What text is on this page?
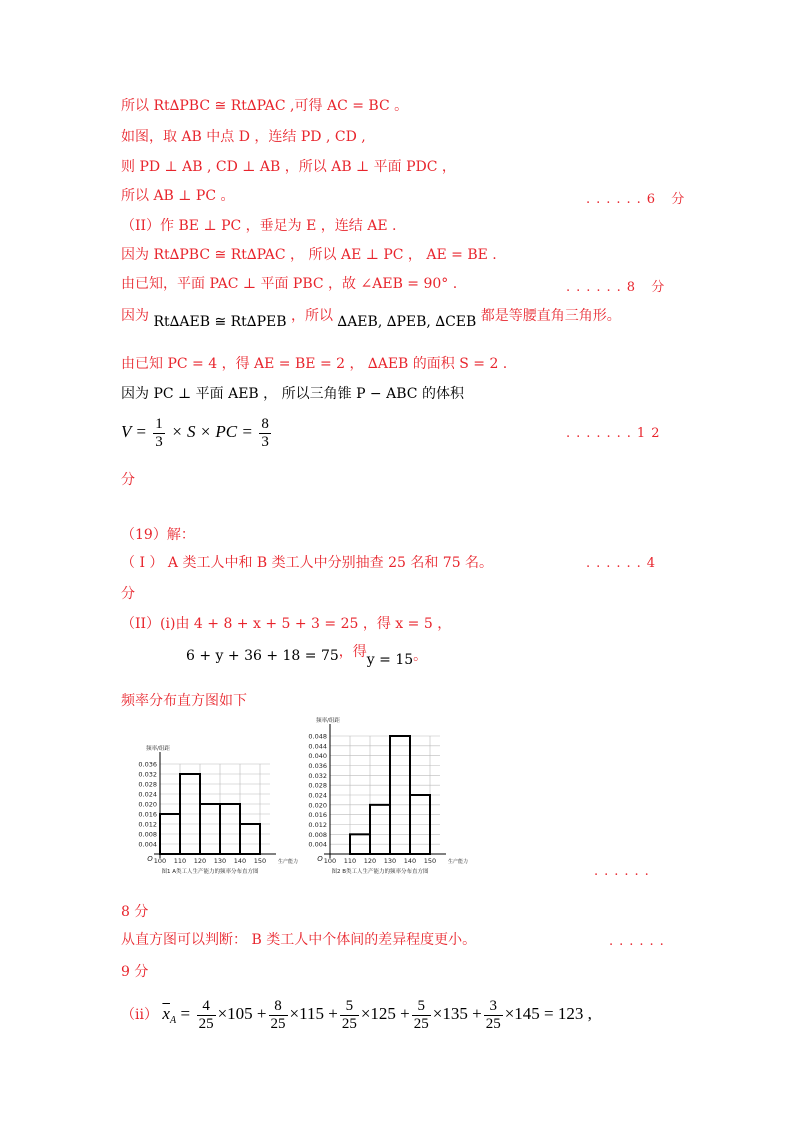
所以 Rt∆PBC ≅ Rt∆PAC ,可得 AC = BC 。
如图，取 AB 中点 D ，连结 PD , CD ,
则 PD ⊥ AB , CD ⊥ AB ，所以 AB ⊥ 平面 PDC ，
所以 AB ⊥ PC 。	......6 分
（II）作 BE ⊥ PC ，垂足为 E ，连结 AE .
因为 Rt∆PBC ≅ Rt∆PAC ， 所以 AE ⊥ PC ， AE = BE .
由已知，平面 PAC ⊥ 平面 PBC ，故 ∠AEB = 90° .	......8 分
因为 Rt∆AEB ≅ Rt∆PEB ，所以 ∆AEB, ∆PEB, ∆CEB 都是等腰直角三角形。
由已知 PC = 4 ，得 AE = BE = 2 ， ∆AEB 的面积 S = 2 .
因为 PC ⊥ 平面 AEB ， 所以三角锥 P − ABC 的体积
$V = \frac{1}{3} \times S$ × PC = $\frac{8}{3}$	.......12
分
（19）解：
（ I ） A 类工人中和 B 类工人中分别抽查 25 名和 75 名。	......4
分
（II）(i)由 4 + 8 + x + 5 + 3 = 25 ，得 x = 5 ，
6 + y + 36 + 18 = 75，得y = 15。
频率分布直方图如下
0.004
0.008
0.012
0.016
0.020
0.024
0.028
0.032
0.036
100 110 120 130 140 150
频率/组距
生产能力
O
图1 A类工人生产能力的频率分布直方图
0.004
0.008
0.012
0.016
0.020
0.024
0.028
0.032
0.036
0.040
0.044
0.048
100 110 120 130 140 150
频率/组距
生产能力
O
图2 B类工人生产能力的频率分布直方图	......
8 分
从直方图可以判断： B 类工人中个体间的差异程度更小。	......
9 分
（ii） $\overline{x}_A = \frac{4}{25} \times 105 + \frac{8}{25} \times 115 + \frac{5}{25} \times 125 + \frac{5}{25} \times 135 + \frac{3}{25} \times 145 = 123$ ,
